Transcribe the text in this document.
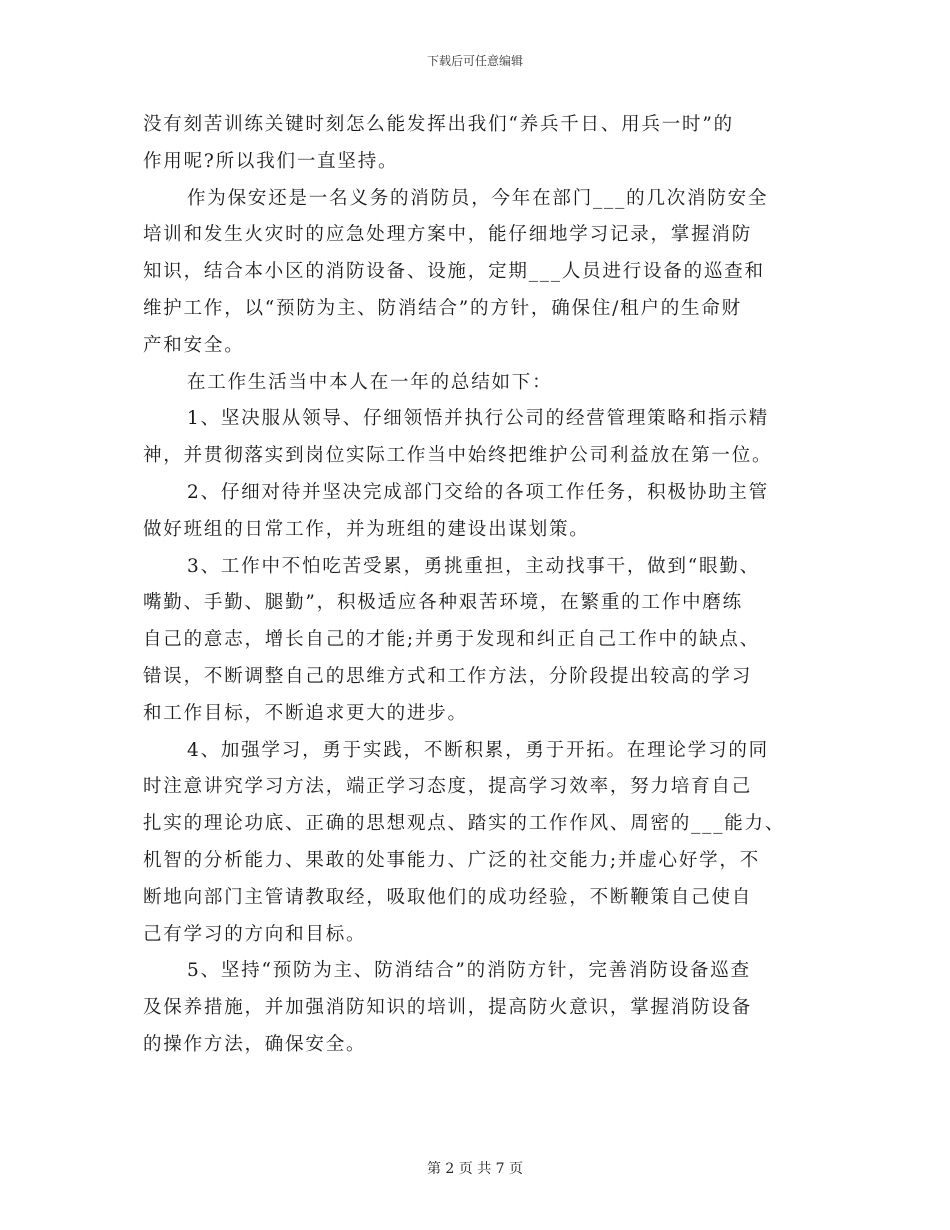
下载后可任意编辑
没有刻苦训练关键时刻怎么能发挥出我们“养兵千日、用兵一时”的
作用呢?所以我们一直坚持。
作为保安还是一名义务的消防员，今年在部门___的几次消防安全
培训和发生火灾时的应急处理方案中，能仔细地学习记录，掌握消防
知识，结合本小区的消防设备、设施，定期___人员进行设备的巡查和
维护工作，以“预防为主、防消结合”的方针，确保住/租户的生命财
产和安全。
在工作生活当中本人在一年的总结如下：
1、坚决服从领导、仔细领悟并执行公司的经营管理策略和指示精
神，并贯彻落实到岗位实际工作当中始终把维护公司利益放在第一位。
2、仔细对待并坚决完成部门交给的各项工作任务，积极协助主管
做好班组的日常工作，并为班组的建设出谋划策。
3、工作中不怕吃苦受累，勇挑重担，主动找事干，做到“眼勤、
嘴勤、手勤、腿勤”，积极适应各种艰苦环境，在繁重的工作中磨练
自己的意志，增长自己的才能;并勇于发现和纠正自己工作中的缺点、
错误，不断调整自己的思维方式和工作方法，分阶段提出较高的学习
和工作目标，不断追求更大的进步。
4、加强学习，勇于实践，不断积累，勇于开拓。在理论学习的同
时注意讲究学习方法，端正学习态度，提高学习效率，努力培育自己
扎实的理论功底、正确的思想观点、踏实的工作作风、周密的___能力、
机智的分析能力、果敢的处事能力、广泛的社交能力;并虚心好学，不
断地向部门主管请教取经，吸取他们的成功经验，不断鞭策自己使自
己有学习的方向和目标。
5、坚持“预防为主、防消结合”的消防方针，完善消防设备巡查
及保养措施，并加强消防知识的培训，提高防火意识，掌握消防设备
的操作方法，确保安全。
第 2 页 共 7 页
